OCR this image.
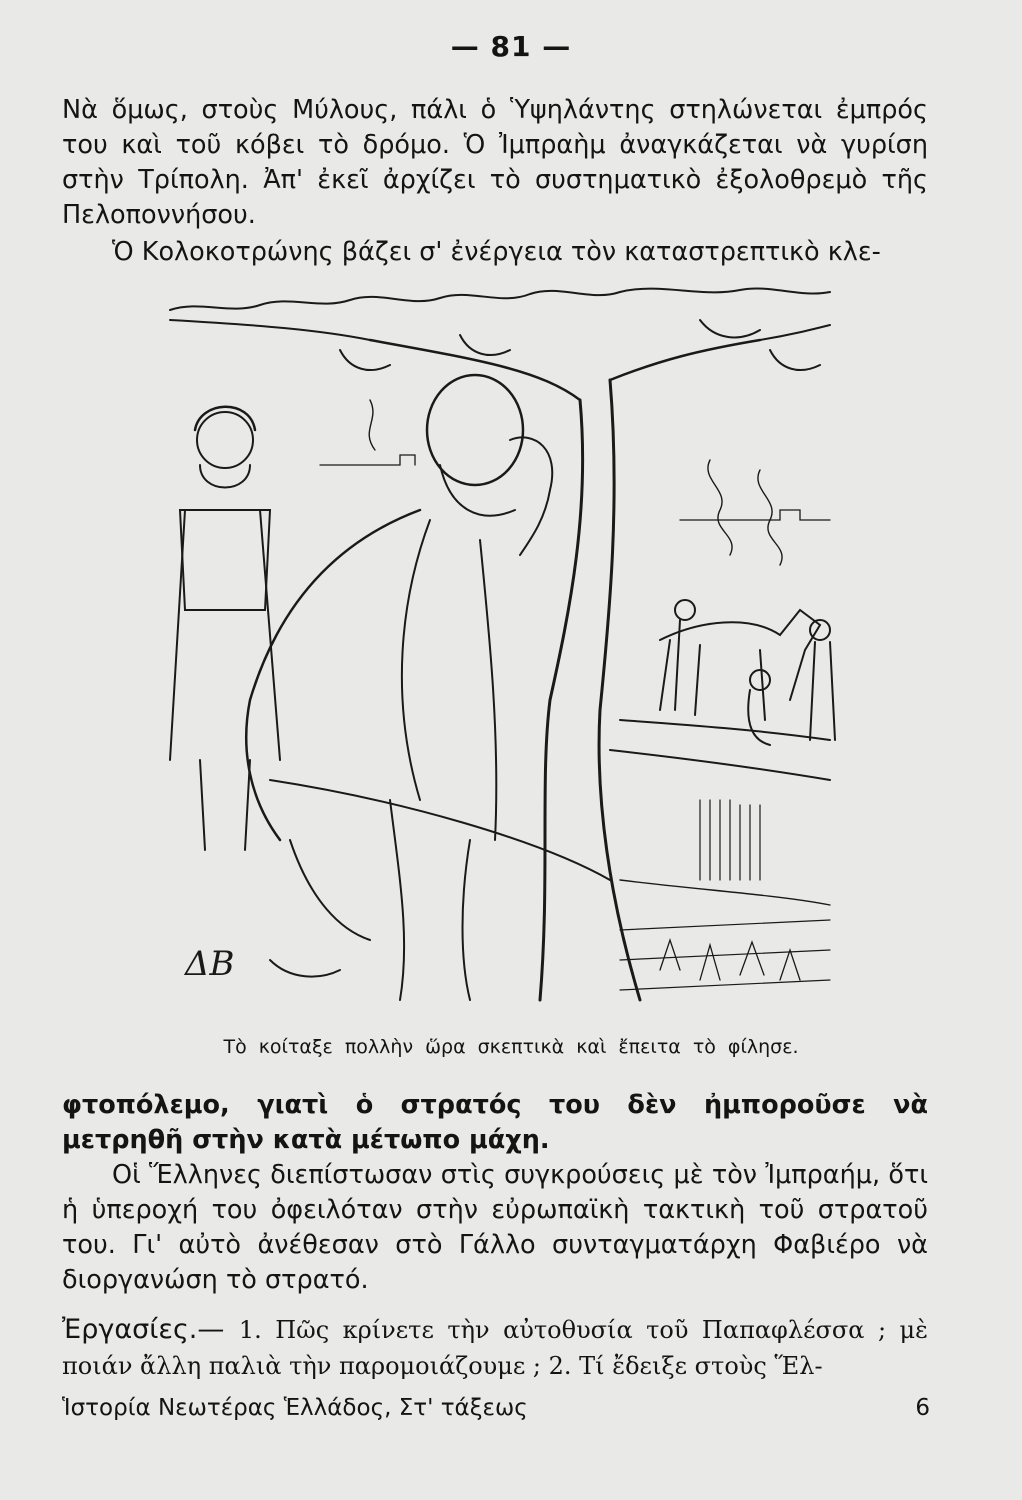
— 81 —

Νὰ ὅμως, στοὺς Μύλους, πάλι ὁ Ὑψηλάντης στηλώνεται ἐμπρός του καὶ τοῦ κόβει τὸ δρόμο. Ὁ Ἰμπραὴμ ἀναγκάζεται νὰ γυρίση στὴν Τρίπολη. Ἀπ' ἐκεῖ ἀρχίζει τὸ συστηματικὸ ἐξολοθρεμὸ τῆς Πελοποννήσου.

Ὁ Κολοκοτρώνης βάζει σ' ἐνέργεια τὸν καταστρεπτικὸ κλε-

ΔΒ
Τὸ κοίταξε πολλὴν ὥρα σκεπτικὰ καὶ ἔπειτα τὸ φίλησε.

φτοπόλεμο, γιατὶ ὁ στρατός του δὲν ἠμποροῦσε νὰ μετρηθῆ στὴν κατὰ μέτωπο μάχη.

Οἱ Ἕλληνες διεπίστωσαν στὶς συγκρούσεις μὲ τὸν Ἰμπραήμ, ὅτι ἡ ὑπεροχή του ὀφειλόταν στὴν εὐρωπαϊκὴ τακτικὴ τοῦ στρατοῦ του. Γι' αὐτὸ ἀνέθεσαν στὸ Γάλλο συνταγματάρχη Φαβιέρο νὰ διοργανώση τὸ στρατό.

Ἐργασίες.— 1. Πῶς κρίνετε τὴν αὐτοθυσία τοῦ Παπαφλέσσα ; μὲ ποιάν ἄλλη παλιὰ τὴν παρομοιάζουμε ; 2. Τί ἔδειξε στοὺς Ἕλ-

Ἱστορία Νεωτέρας Ἑλλάδος, Στ' τάξεως	6
